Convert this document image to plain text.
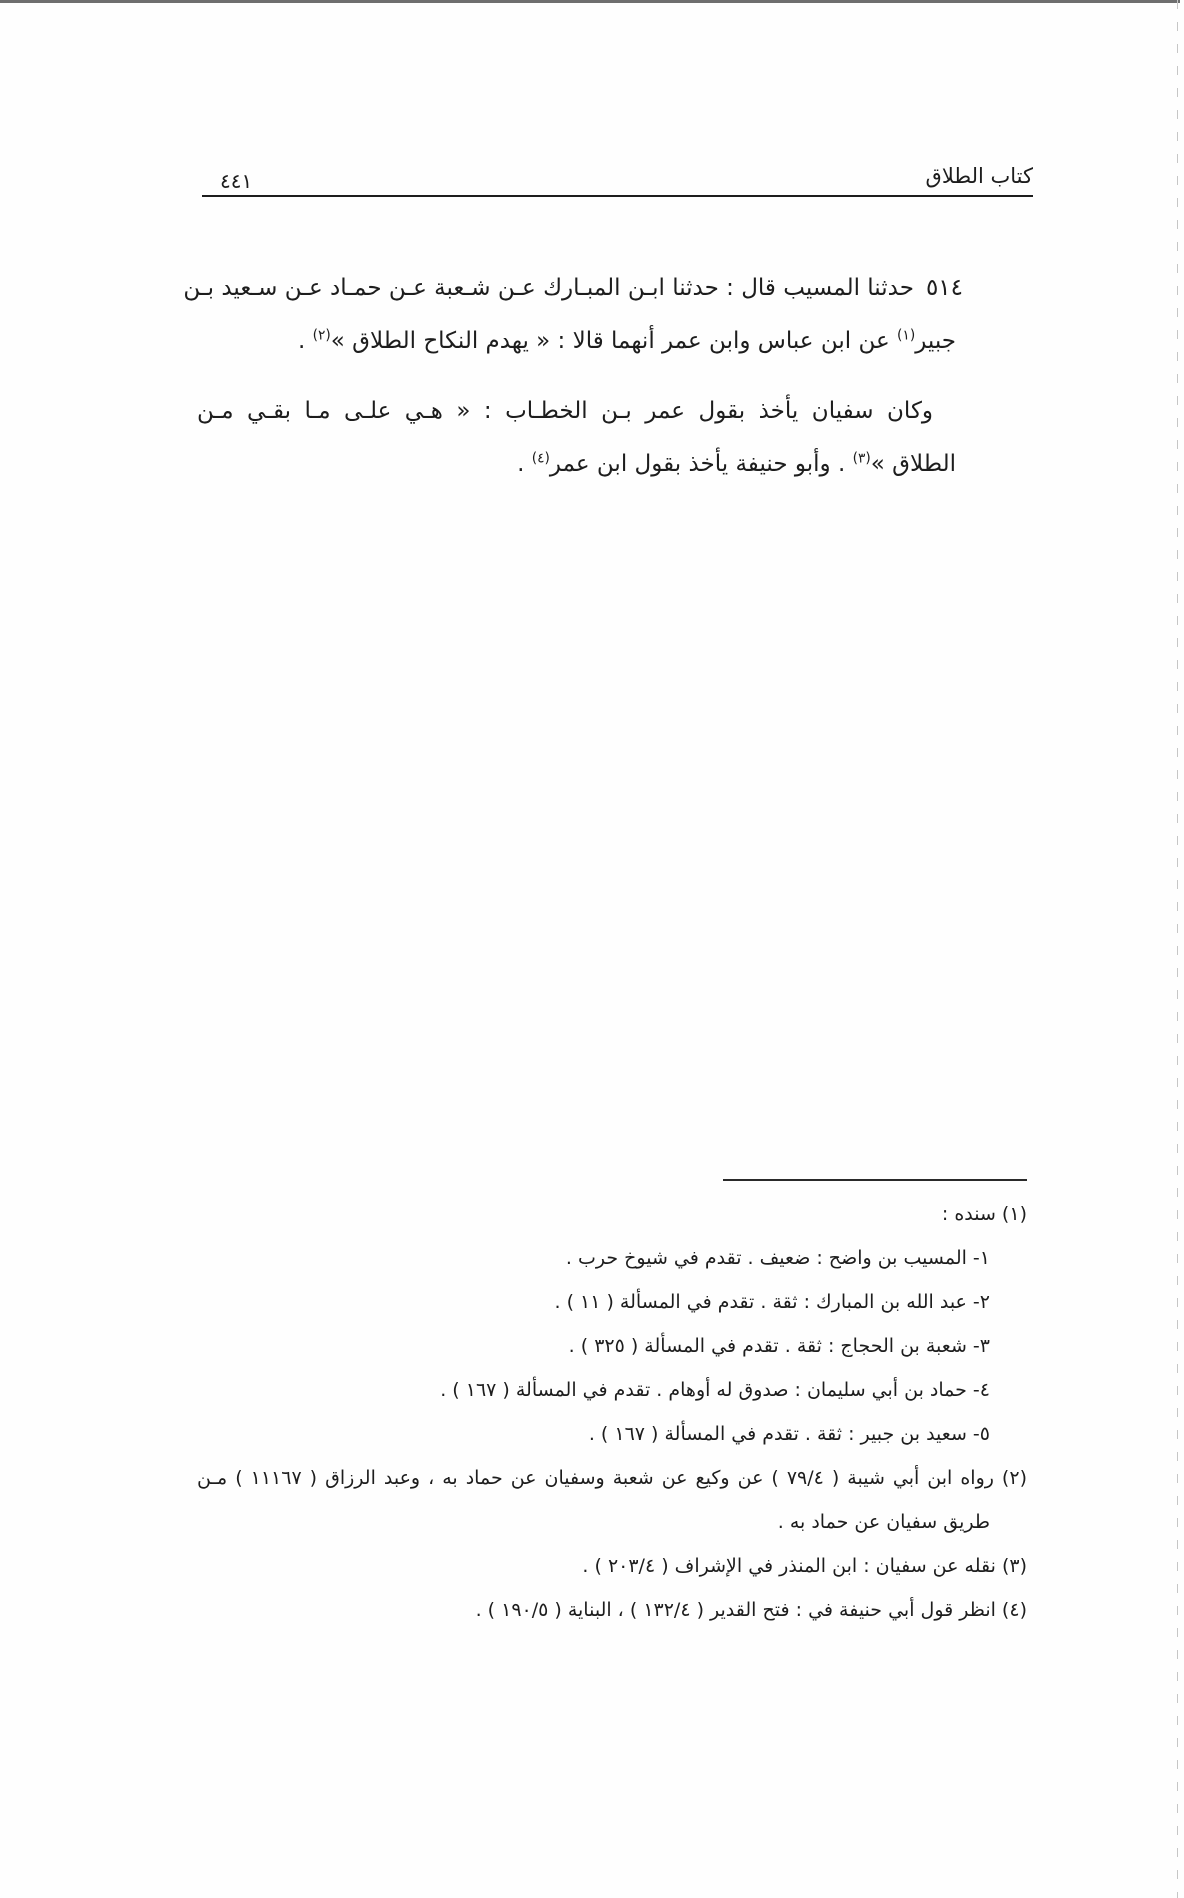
كتاب الطلاق
٤٤١
٥١٤حدثنا المسيب قال : حدثنا ابـن المبـارك عـن شـعبة عـن حمـاد عـن سـعيد بـن
جبير$^{(١)}$ عن ابن عباس وابن عمر أنهما قالا : « يهدم النكاح الطلاق »$^{(٢)}$ .
وكان سفيان يأخذ بقول عمر بـن الخطـاب : « هـي علـى مـا بقـي مـن
الطلاق »$^{(٣)}$ . وأبو حنيفة يأخذ بقول ابن عمر$^{(٤)}$ .
(١) سنده :
١- المسيب بن واضح : ضعيف . تقدم في شيوخ حرب .
٢- عبد الله بن المبارك : ثقة . تقدم في المسألة ( ١١ ) .
٣- شعبة بن الحجاج : ثقة . تقدم في المسألة ( ٣٢٥ ) .
٤- حماد بن أبي سليمان : صدوق له أوهام . تقدم في المسألة ( ١٦٧ ) .
٥- سعيد بن جبير : ثقة . تقدم في المسألة ( ١٦٧ ) .
(٢) رواه ابن أبي شيبة ( ٧٩/٤ ) عن وكيع عن شعبة وسفيان عن حماد به ، وعبد الرزاق ( ١١١٦٧ ) مـن
طريق سفيان عن حماد به .
(٣) نقله عن سفيان : ابن المنذر في الإشراف ( ٢٠٣/٤ ) .
(٤) انظر قول أبي حنيفة في : فتح القدير ( ١٣٢/٤ ) ، البناية ( ١٩٠/٥ ) .
